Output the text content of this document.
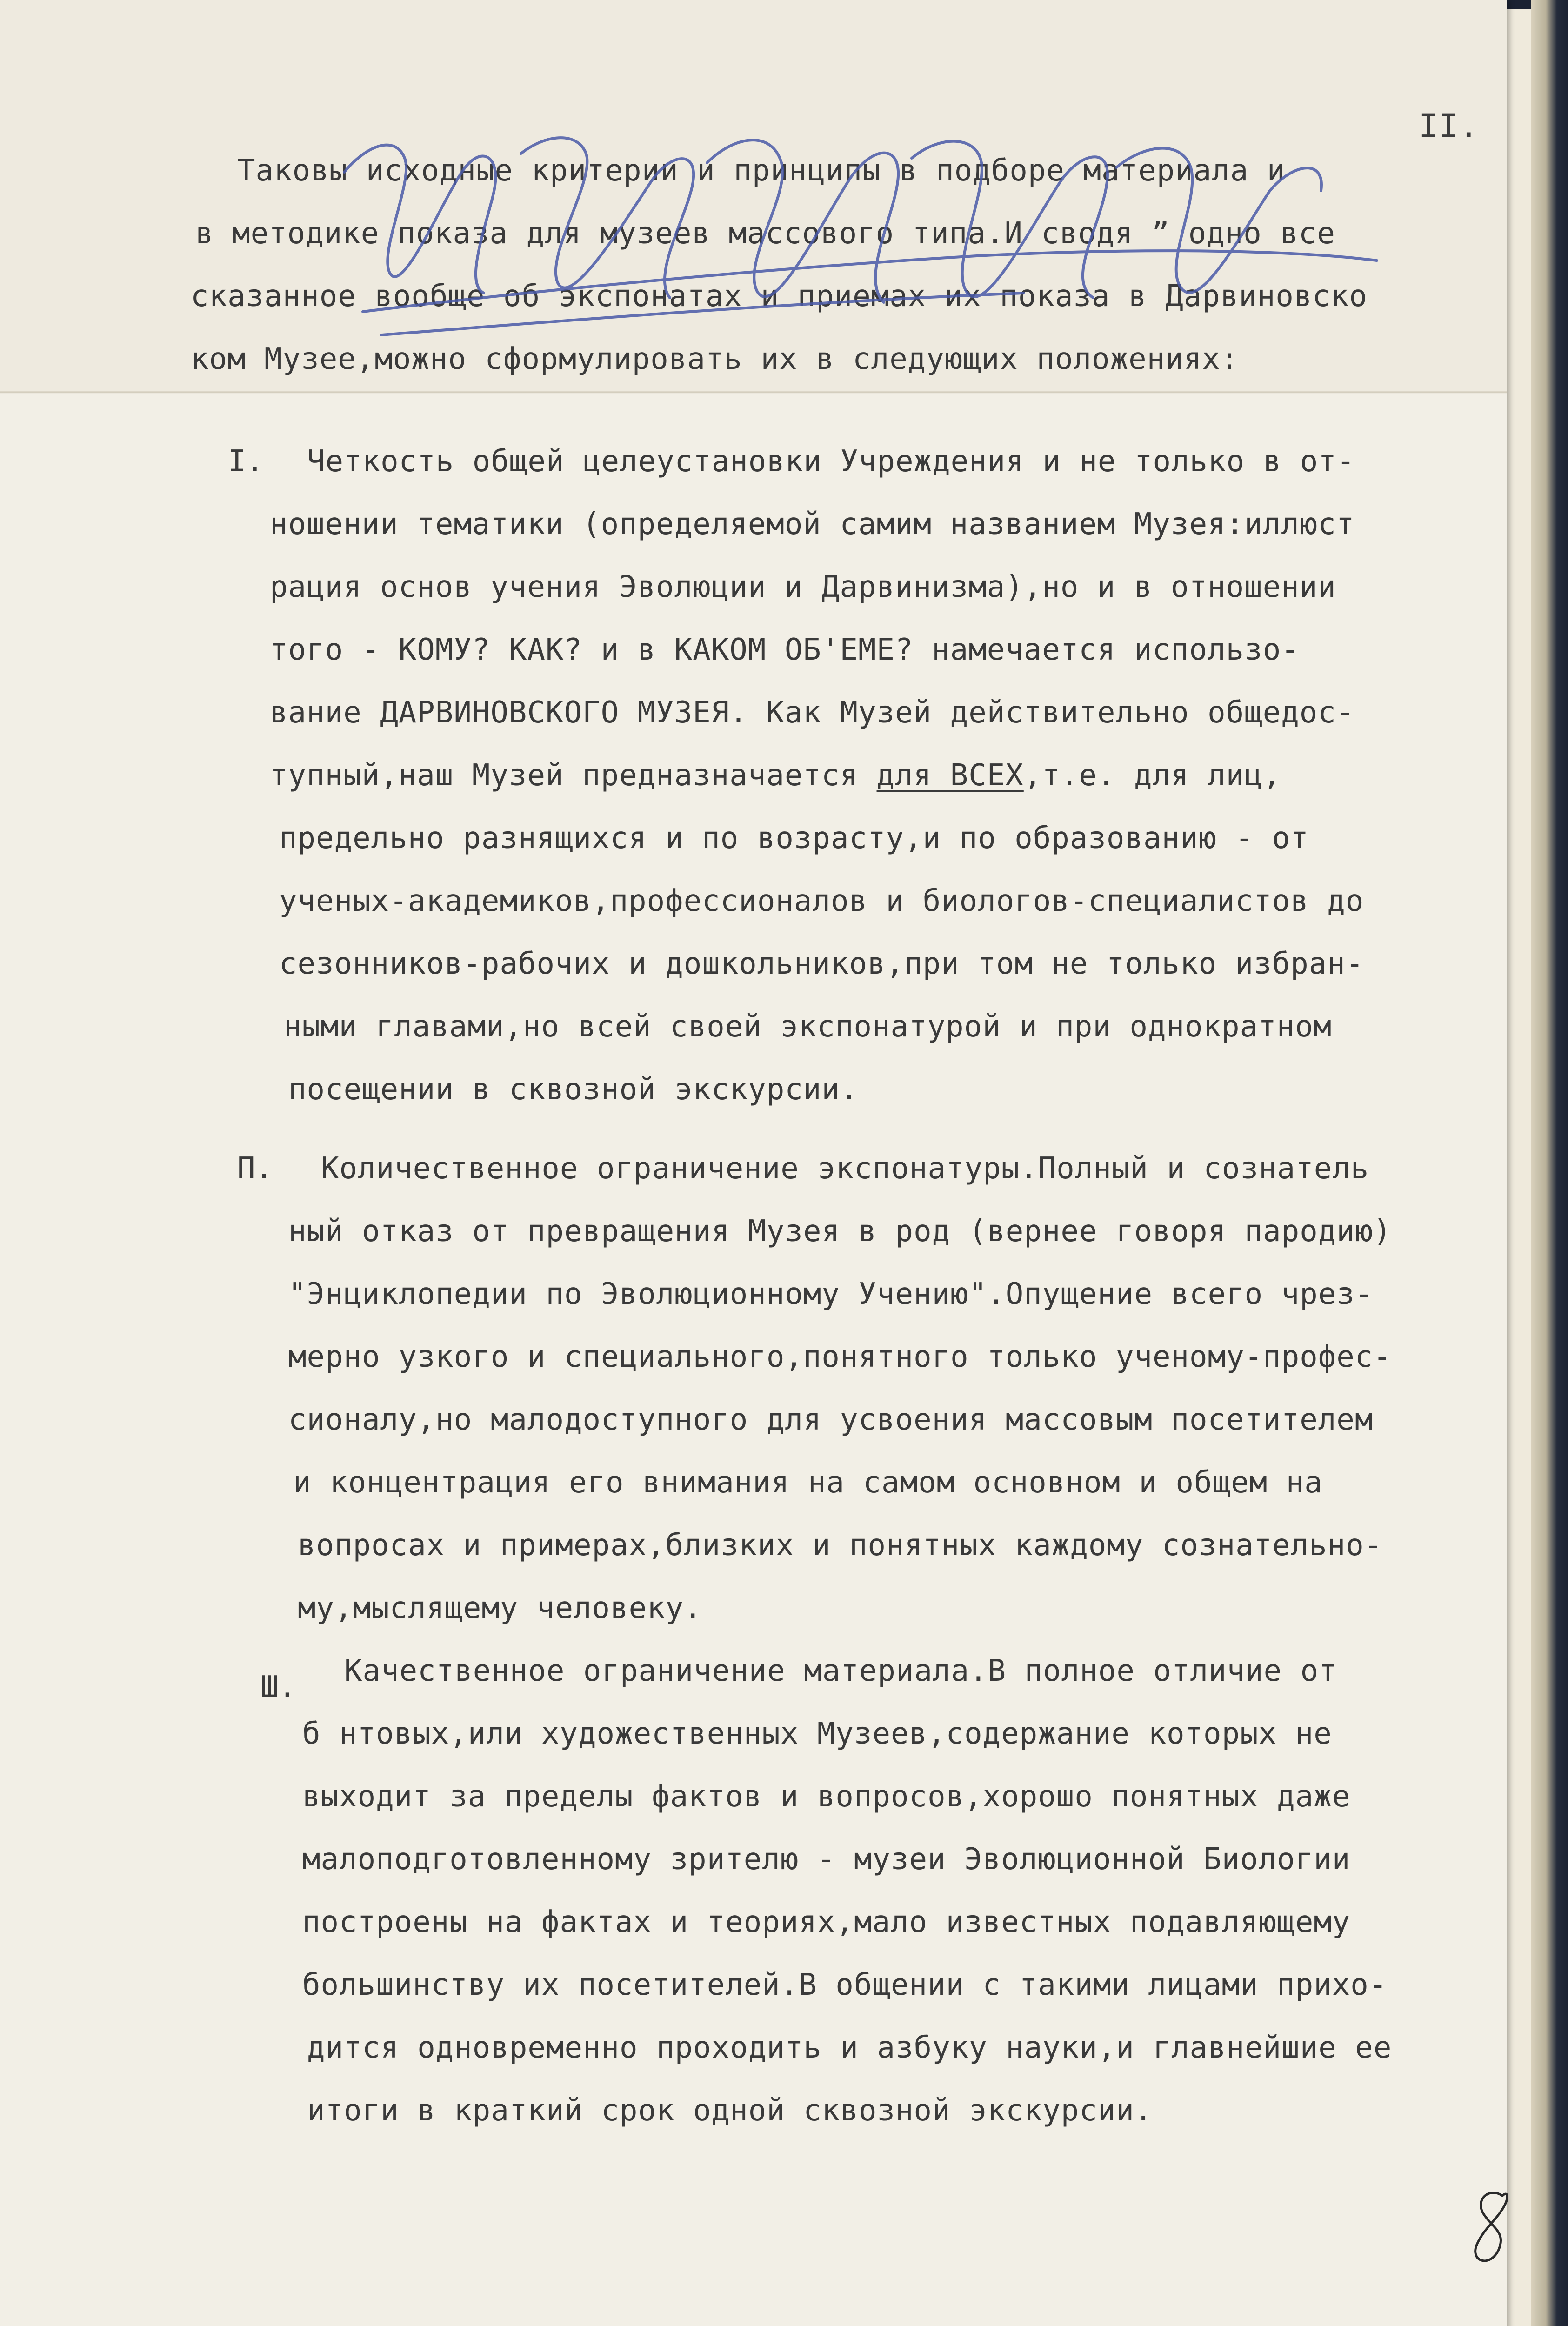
II.
Таковы исходные критерии и принципы в подборе материала и
в методике показа для музеев массового типа.И сводя ” одно все
сказанное вообще об экспонатах и приемах их показа в Дарвиновско
ком Музее,можно сформулировать их в следующих положениях:
I. Четкость общей целеустановки Учреждения и не только в от-
ношении тематики (определяемой самим названием Музея:иллюст
рация основ учения Эволюции и Дарвинизма),но и в отношении
того - КОМУ? КАК? и в КАКОМ ОБ'ЕМЕ? намечается использо-
вание ДАРВИНОВСКОГО МУЗЕЯ. Как Музей действительно общедос-
тупный,наш Музей предназначается для ВСЕХ,т.е. для лиц,
предельно разнящихся и по возрасту,и по образованию - от
ученых-академиков,профессионалов и биологов-специалистов до
сезонников-рабочих и дошкольников,при том не только избран-
ными главами,но всей своей экспонатурой и при однократном
посещении в сквозной экскурсии.
П. Количественное ограничение экспонатуры.Полный и сознатель
ный отказ от превращения Музея в род (вернее говоря пародию)
"Энциклопедии по Эволюционному Учению".Опущение всего чрез-
мерно узкого и специального,понятного только ученому-профес-
сионалу,но малодоступного для усвоения массовым посетителем
и концентрация его внимания на самом основном и общем на
вопросах и примерах,близких и понятных каждому сознательно-
му,мыслящему человеку.
Ш. Качественное ограничение материала.В полное отличие от
б нтовых,или художественных Музеев,содержание которых не
выходит за пределы фактов и вопросов,хорошо понятных даже
малоподготовленному зрителю - музеи Эволюционной Биологии
построены на фактах и теориях,мало известных подавляющему
большинству их посетителей.В общении с такими лицами прихо-
дится одновременно проходить и азбуку науки,и главнейшие ее
итоги в краткий срок одной сквозной экскурсии.
